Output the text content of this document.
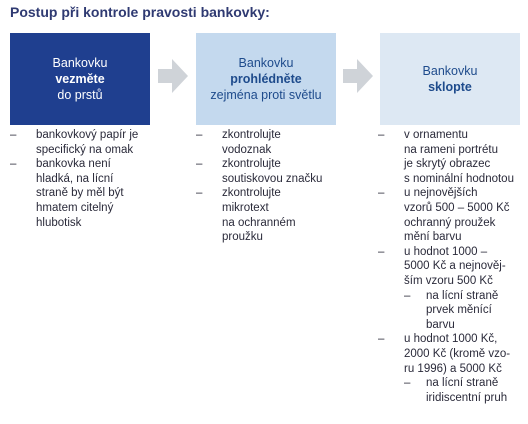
Postup při kontrole pravosti bankovky:
Bankovku
vezměte
do prstů
Bankovku
prohlédněte
zejména proti světlu
Bankovku
sklopte
–	bankovkový papír je
specifický na omak
–	bankovka není
hladká, na lícní
straně by měl být
hmatem citelný
hlubotisk
–	zkontrolujte
vodoznak
–	zkontrolujte
soutiskovou značku
–	zkontrolujte
mikrotext
na ochranném
proužku
–	v ornamentu
na rameni portrétu
je skrytý obrazec
s nominální hodnotou
–	u nejnovějších
vzorů 500 – 5000 Kč
ochranný proužek
mění barvu
–	u hodnot 1000 –
5000 Kč a nejnověj-
ším vzoru 500 Kč
–	na lícní straně
prvek měnící
barvu
–	u hodnot 1000 Kč,
2000 Kč (kromě vzo-
ru 1996) a 5000 Kč
–	na lícní straně
iridiscentní pruh
